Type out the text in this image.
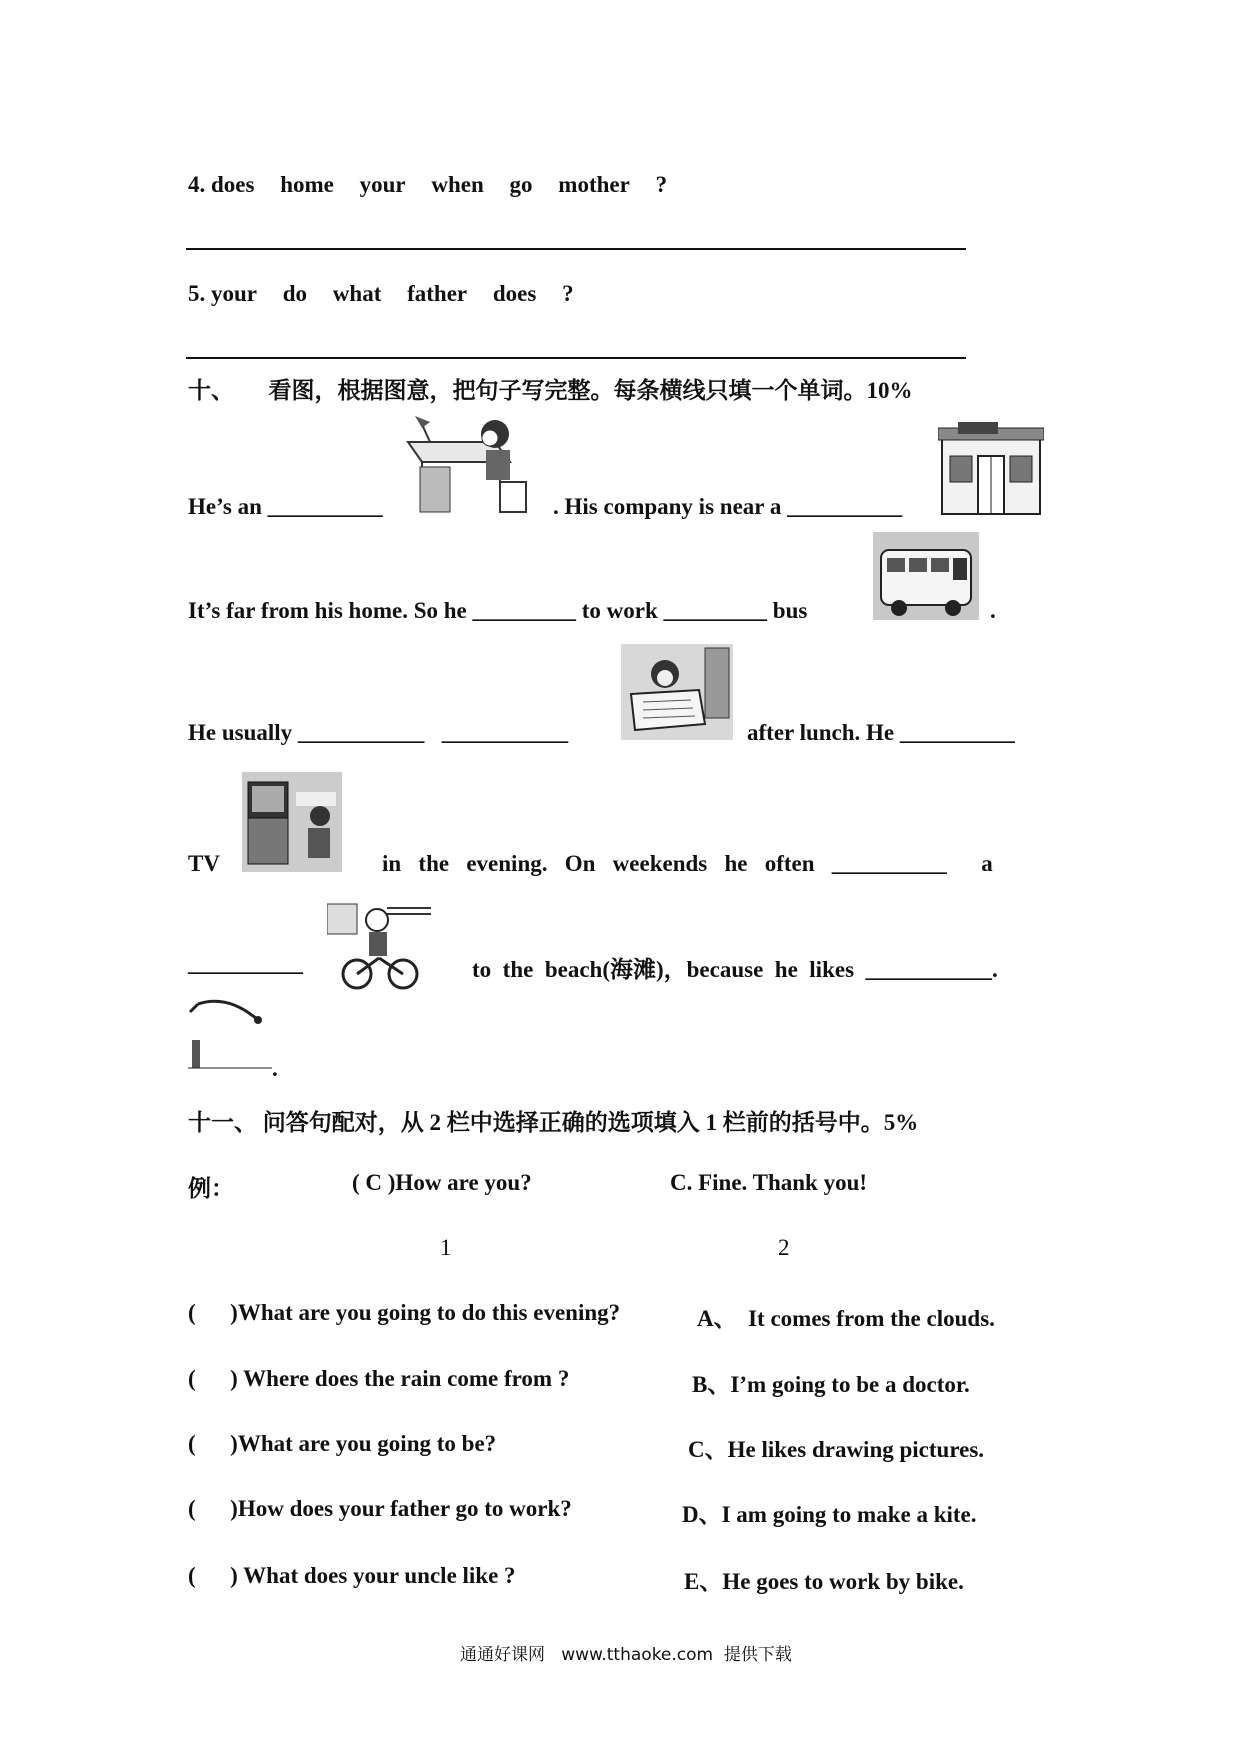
4. does home your when go mother ?
5. your do what father does ?
十、      看图，根据图意，把句子写完整。每条横线只填一个单词。10%
He’s an __________	. His company is near a __________
It’s far from his home. So he _________ to work _________ bus	.
He usually ___________   ___________	after lunch. He __________
TV	in   the   evening.   On   weekends   he   often   __________      a
__________	to  the  beach(海滩)，because  he  likes  ___________.
.
十一、 问答句配对，从 2 栏中选择正确的选项填入 1 栏前的括号中。5%
例：	( C )How are you?	C. Fine. Thank you!
1	2
(      )What are you going to do this evening?	A、  It comes from the clouds.
(      ) Where does the rain come from ?	B、I’m going to be a doctor.
(      )What are you going to be?	C、He likes drawing pictures.
(      )How does your father go to work?	D、I am going to make a kite.
(      ) What does your uncle like ?	E、He goes to work by bike.
通通好课网   www.tthaoke.com  提供下载
